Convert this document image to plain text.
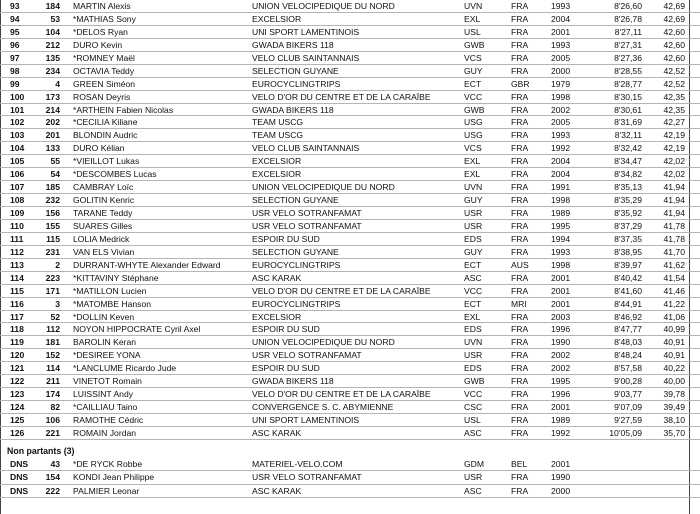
93	184 MARTIN Alexis	UNION VELOCIPEDIQUE DU NORD	UVN	FRA	1993	8'26,60	42,69
94	53 *MATHIAS Sony	EXCELSIOR	EXL	FRA	2004	8'26,78	42,69
95	104 *DELOS Ryan	UNI SPORT LAMENTINOIS	USL	FRA	2001	8'27,11	42,60
96	212 DURO Kevin	GWADA BIKERS 118	GWB	FRA	1993	8'27,31	42,60
97	135 *ROMNEY Maël	VELO CLUB SAINTANNAIS	VCS	FRA	2005	8'27,36	42,60
98	234 OCTAVIA Teddy	SELECTION GUYANE	GUY	FRA	2000	8'28,55	42,52
99	4 GREEN Siméon	EUROCYCLINGTRIPS	ECT	GBR 1979	8'28,77	42,52
100	173 ROSAN Deyris	VELO D'OR DU CENTRE ET DE LA CARAÏBE	VCC	FRA	1998	8'30,15	42,35
101	214 *ARTHEIN Fabien Nicolas	GWADA BIKERS 118	GWB	FRA	2002	8'30,61	42,35
102	202 *CECILIA Kiliane	TEAM USCG	USG	FRA	2005	8'31,69	42,27
103	201 BLONDIN Audric	TEAM USCG	USG	FRA	1993	8'32,11	42,19
104	133 DURO Kélian	VELO CLUB SAINTANNAIS	VCS	FRA	1992	8'32,42	42,19
105	55 *VIEILLOT Lukas	EXCELSIOR	EXL	FRA	2004	8'34,47	42,02
106	54 *DESCOMBES Lucas	EXCELSIOR	EXL	FRA	2004	8'34,82	42,02
107	185 CAMBRAY Loïc	UNION VELOCIPEDIQUE DU NORD	UVN	FRA	1991	8'35,13	41,94
108	232 GOLITIN Kenric	SELECTION GUYANE	GUY	FRA	1998	8'35,29	41,94
109	156 TARANE Teddy	USR VELO SOTRANFAMAT	USR	FRA	1989	8'35,92	41,94
110	155 SUARES Gilles	USR VELO SOTRANFAMAT	USR	FRA	1995	8'37,29	41,78
111	115 LOLIA Medrick	ESPOIR DU SUD	EDS	FRA	1994	8'37,35	41,78
112	231 VAN ELS Vivian	SELECTION GUYANE	GUY	FRA	1993	8'38,95	41,70
113	2 DURRANT-WHYTE Alexander Edward	EUROCYCLINGTRIPS	ECT	AUS	1998	8'39,97	41,62
114	223 *KITTAVINY Stéphane	ASC KARAK	ASC	FRA	2001	8'40,42	41,54
115	171 *MATILLON Lucien	VELO D'OR DU CENTRE ET DE LA CARAÏBE	VCC	FRA	2001	8'41,60	41,46
116	3 *MATOMBE Hanson	EUROCYCLINGTRIPS	ECT	MRI	2001	8'44,91	41,22
117	52 *DOLLIN Keven	EXCELSIOR	EXL	FRA	2003	8'46,92	41,06
118	112 NOYON HIPPOCRATE Cyril Axel	ESPOIR DU SUD	EDS	FRA	1996	8'47,77	40,99
119	181 BAROLIN Keran	UNION VELOCIPEDIQUE DU NORD	UVN	FRA	1990	8'48,03	40,91
120	152 *DESIREE YONA	USR VELO SOTRANFAMAT	USR	FRA	2002	8'48,24	40,91
121	114 *LANCLUME Ricardo Jude	ESPOIR DU SUD	EDS	FRA	2002	8'57,58	40,22
122	211 VINETOT Romain	GWADA BIKERS 118	GWB	FRA	1995	9'00,28	40,00
123	174 LUISSINT Andy	VELO D'OR DU CENTRE ET DE LA CARAÏBE	VCC	FRA	1996	9'03,77	39,78
124	82 *CAILLIAU Taino	CONVERGENCE S. C. ABYMIENNE	CSC	FRA	2001	9'07,09	39,49
125	106 RAMOTHE Cédric	UNI SPORT LAMENTINOIS	USL	FRA	1989	9'27,59	38,10
126	221 ROMAIN Jordan	ASC KARAK	ASC	FRA	1992	10'05,09	35,70
Non partants (3)
DNS	43 *DE RYCK Robbe	MATERIEL-VELO.COM	GDM	BEL	2001
DNS	154 KONDI Jean Philippe	USR VELO SOTRANFAMAT	USR	FRA	1990
DNS	222 PALMIER Leonar	ASC KARAK	ASC	FRA	2000
